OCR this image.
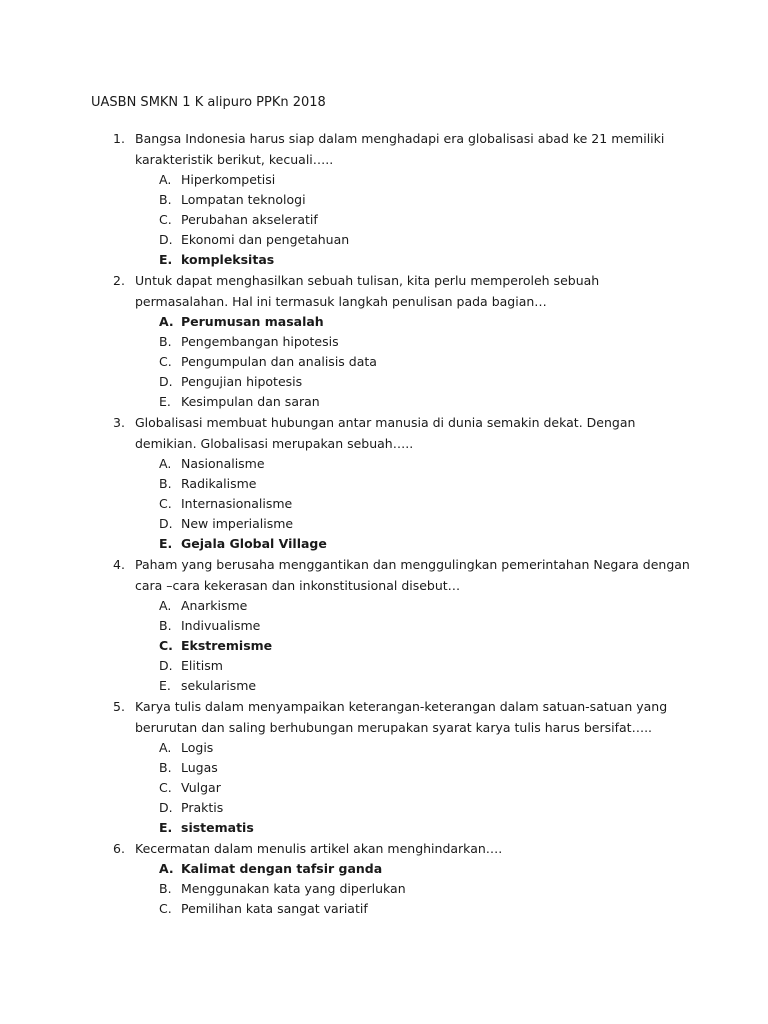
UASBN SMKN 1 K alipuro PPKn 2018
1. Bangsa Indonesia harus siap dalam menghadapi era globalisasi abad ke 21 memiliki
karakteristik berikut, kecuali…..
A. Hiperkompetisi
B. Lompatan teknologi
C. Perubahan akseleratif
D. Ekonomi dan pengetahuan
E. kompleksitas
2. Untuk dapat menghasilkan sebuah tulisan, kita perlu memperoleh sebuah
permasalahan. Hal ini termasuk langkah penulisan pada bagian…
A. Perumusan masalah
B. Pengembangan hipotesis
C. Pengumpulan dan analisis data
D. Pengujian hipotesis
E. Kesimpulan dan saran
3. Globalisasi membuat hubungan antar manusia di dunia semakin dekat. Dengan
demikian. Globalisasi merupakan sebuah…..
A. Nasionalisme
B. Radikalisme
C. Internasionalisme
D. New imperialisme
E. Gejala Global Village
4. Paham yang berusaha menggantikan dan menggulingkan pemerintahan Negara dengan
cara –cara kekerasan dan inkonstitusional disebut…
A. Anarkisme
B. Indivualisme
C. Ekstremisme
D. Elitism
E. sekularisme
5. Karya tulis dalam menyampaikan keterangan-keterangan dalam satuan-satuan yang
berurutan dan saling berhubungan merupakan syarat karya tulis harus bersifat…..
A. Logis
B. Lugas
C. Vulgar
D. Praktis
E. sistematis
6. Kecermatan dalam menulis artikel akan menghindarkan….
A. Kalimat dengan tafsir ganda
B. Menggunakan kata yang diperlukan
C. Pemilihan kata sangat variatif
